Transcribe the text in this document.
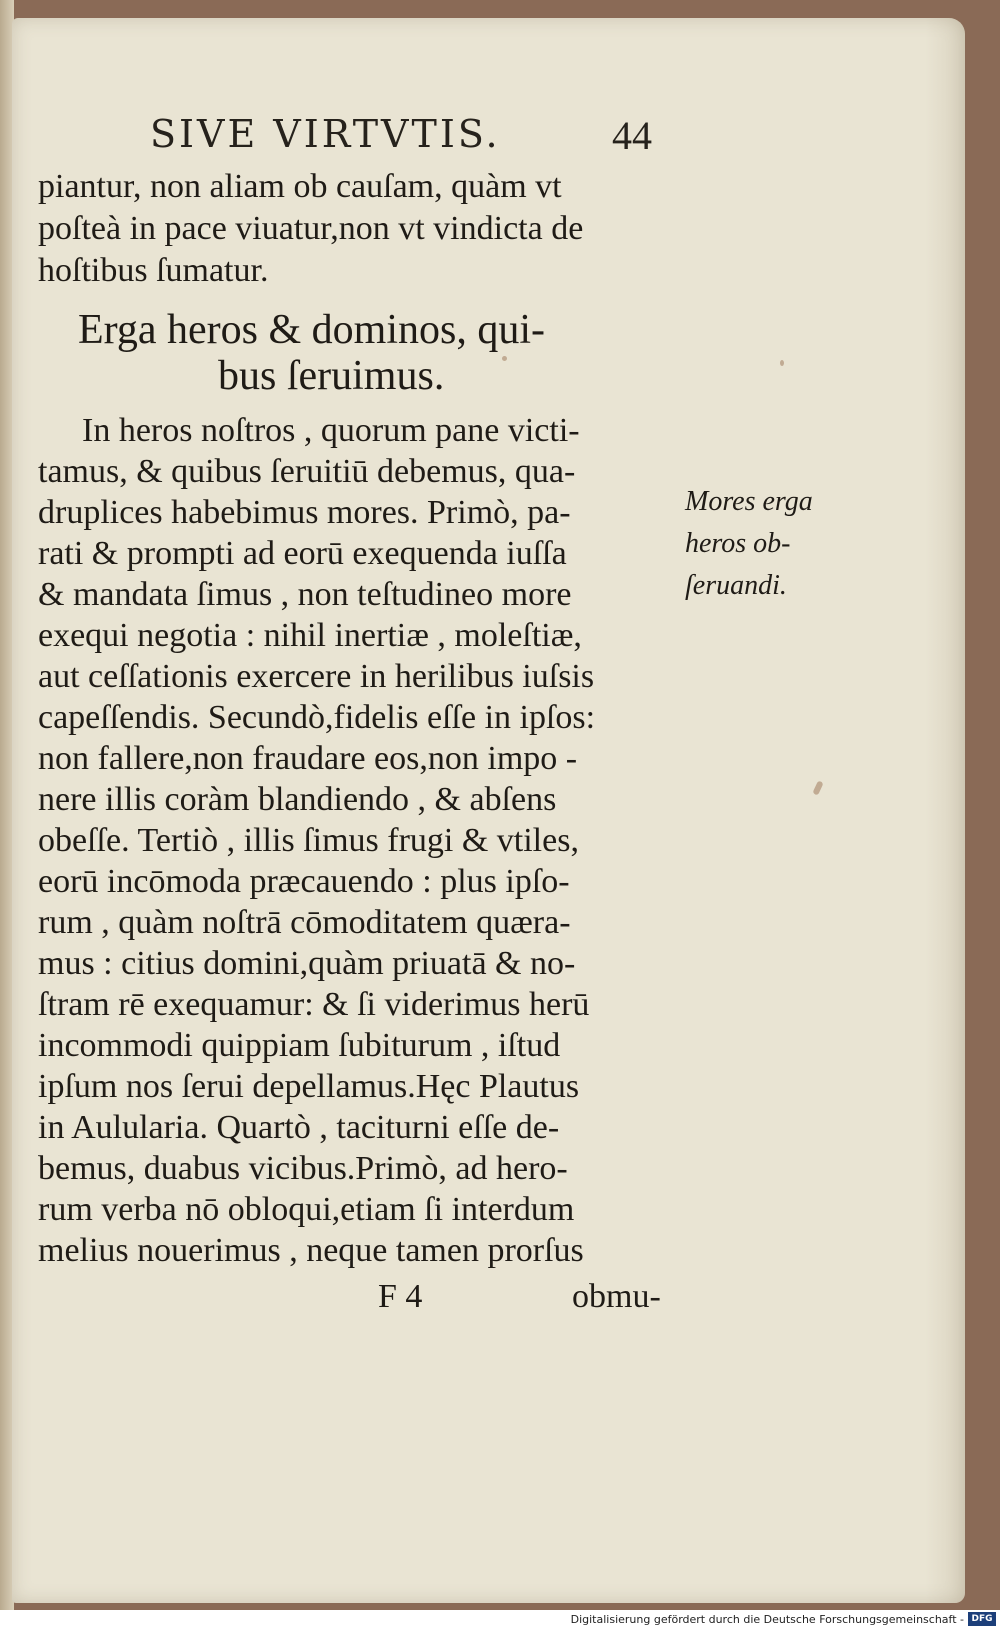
SIVE VIRTVTIS.	44

piantur, non aliam ob cauſam, quàm vt

poſteà in pace viuatur,non vt vindicta de

hoſtibus ſumatur.

Erga heros & dominos, qui-
bus ſeruimus.

In heros noſtros , quorum pane victi-

tamus, & quibus ſeruitiū debemus, qua-

druplices habebimus mores. Primò, pa-

rati & prompti ad eorū exequenda iuſſa

& mandata ſimus , non teſtudineo more

exequi negotia : nihil inertiæ , moleſtiæ,

aut ceſſationis exercere in herilibus iuſsis

capeſſendis. Secundò,fidelis eſſe in ipſos:

non fallere,non fraudare eos,non impo -

nere illis coràm blandiendo , & abſens

obeſſe. Tertiò , illis ſimus frugi & vtiles,

eorū incōmoda præcauendo : plus ipſo-

rum , quàm noſtrā cōmoditatem quæra-

mus : citius domini,quàm priuatā & no-

ſtram rē exequamur: & ſi viderimus herū

incommodi quippiam ſubiturum , iſtud

ipſum nos ſerui depellamus.Hęc Plautus

in Aulularia. Quartò , taciturni eſſe de-

bemus, duabus vicibus.Primò, ad hero-

rum verba nō obloqui,etiam ſi interdum

melius nouerimus , neque tamen prorſus

Mores erga

heros ob-

ſeruandi.

F 4	obmu-

Digitalisierung gefördert durch die Deutsche Forschungsgemeinschaft - DFG
